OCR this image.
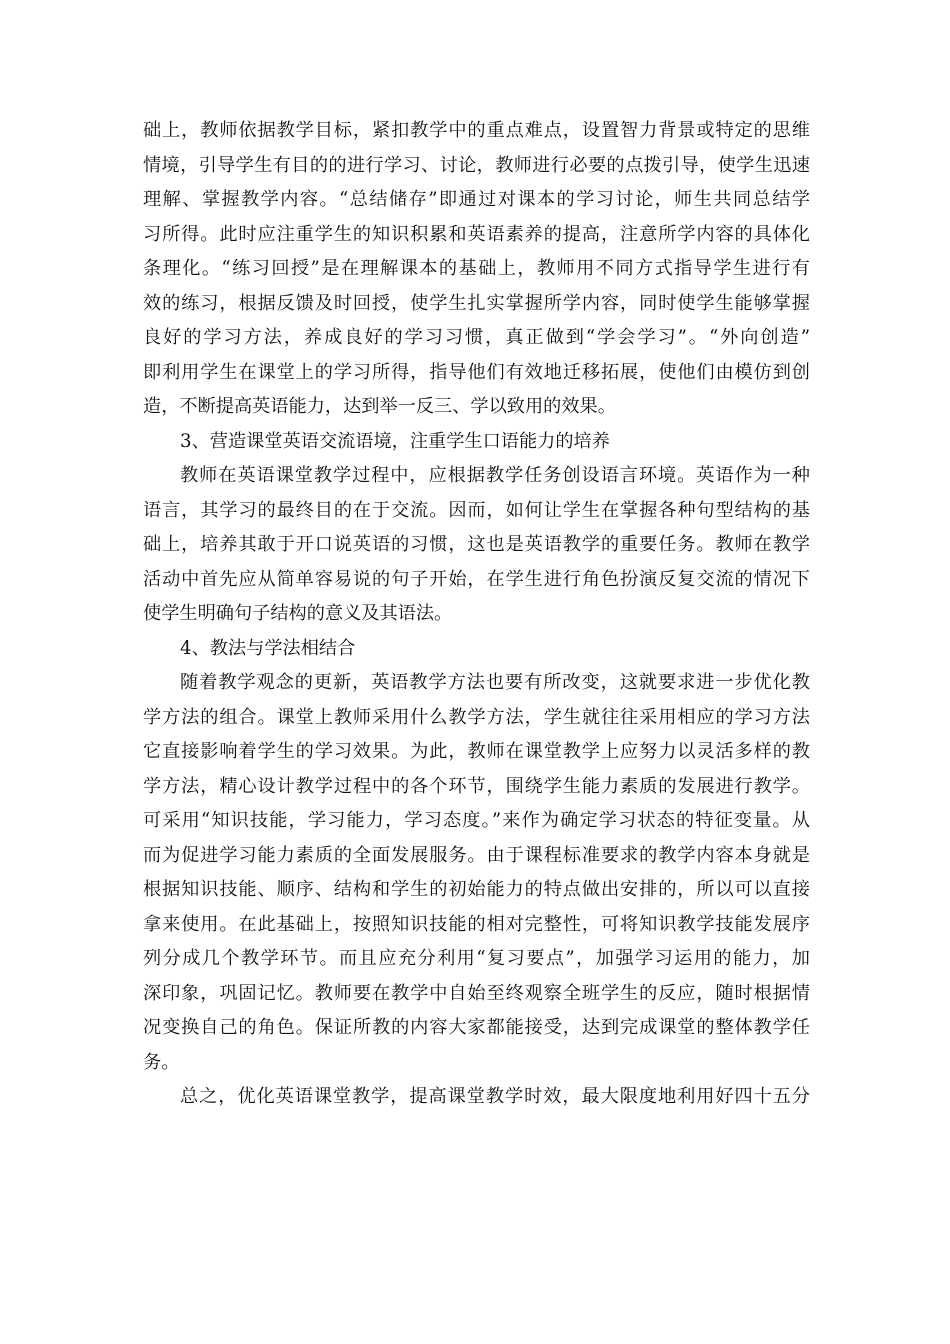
础上，教师依据教学目标，紧扣教学中的重点难点，设置智力背景或特定的思维
情境，引导学生有目的的进行学习、讨论，教师进行必要的点拨引导，使学生迅速
理解、掌握教学内容。“总结储存”即通过对课本的学习讨论，师生共同总结学
习所得。此时应注重学生的知识积累和英语素养的提高，注意所学内容的具体化
条理化。“练习回授”是在理解课本的基础上，教师用不同方式指导学生进行有
效的练习，根据反馈及时回授，使学生扎实掌握所学内容，同时使学生能够掌握
良好的学习方法，养成良好的学习习惯，真正做到“学会学习”。“外向创造”
即利用学生在课堂上的学习所得，指导他们有效地迁移拓展，使他们由模仿到创
造，不断提高英语能力，达到举一反三、学以致用的效果。
3、营造课堂英语交流语境，注重学生口语能力的培养
教师在英语课堂教学过程中，应根据教学任务创设语言环境。英语作为一种
语言，其学习的最终目的在于交流。因而，如何让学生在掌握各种句型结构的基
础上，培养其敢于开口说英语的习惯，这也是英语教学的重要任务。教师在教学
活动中首先应从简单容易说的句子开始，在学生进行角色扮演反复交流的情况下
使学生明确句子结构的意义及其语法。
4、教法与学法相结合
随着教学观念的更新，英语教学方法也要有所改变，这就要求进一步优化教
学方法的组合。课堂上教师采用什么教学方法，学生就往往采用相应的学习方法
它直接影响着学生的学习效果。为此，教师在课堂教学上应努力以灵活多样的教
学方法，精心设计教学过程中的各个环节，围绕学生能力素质的发展进行教学。
可采用“知识技能，学习能力，学习态度。”来作为确定学习状态的特征变量。从
而为促进学习能力素质的全面发展服务。由于课程标准要求的教学内容本身就是
根据知识技能、顺序、结构和学生的初始能力的特点做出安排的，所以可以直接
拿来使用。在此基础上，按照知识技能的相对完整性，可将知识教学技能发展序
列分成几个教学环节。而且应充分利用“复习要点”，加强学习运用的能力，加
深印象，巩固记忆。教师要在教学中自始至终观察全班学生的反应，随时根据情
况变换自己的角色。保证所教的内容大家都能接受，达到完成课堂的整体教学任
务。
总之，优化英语课堂教学，提高课堂教学时效，最大限度地利用好四十五分
